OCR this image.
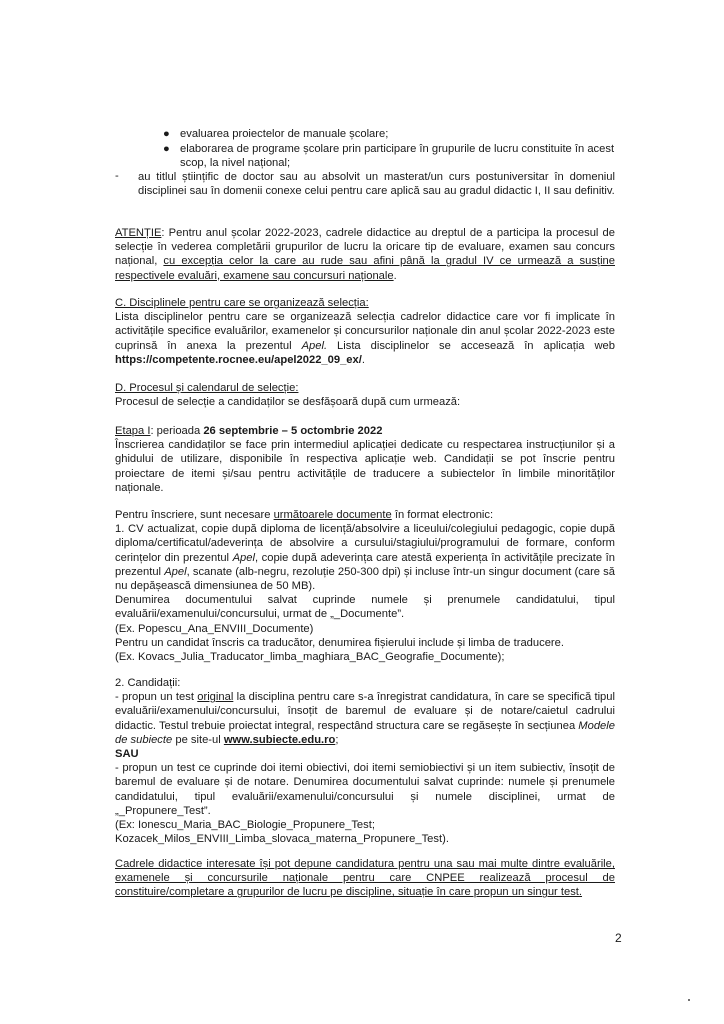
● evaluarea proiectelor de manuale școlare;
● elaborarea de programe școlare prin participare în grupurile de lucru constituite în acest scop, la nivel național;
- au titlul științific de doctor sau au absolvit un masterat/un curs postuniversitar în domeniul disciplinei sau în domenii conexe celui pentru care aplică sau au gradul didactic I, II sau definitiv.

ATENȚIE: Pentru anul școlar 2022-2023, cadrele didactice au dreptul de a participa la procesul de selecție în vederea completării grupurilor de lucru la oricare tip de evaluare, examen sau concurs național, cu excepția celor la care au rude sau afini până la gradul IV ce urmează a susține respectivele evaluări, examene sau concursuri naționale.

C. Disciplinele pentru care se organizează selecția:

Lista disciplinelor pentru care se organizează selecția cadrelor didactice care vor fi implicate în activitățile specifice evaluărilor, examenelor și concursurilor naționale din anul școlar 2022-2023 este cuprinsă în anexa la prezentul Apel. Lista disciplinelor se accesează în aplicația web https://competente.rocnee.eu/apel2022_09_ex/.

D. Procesul și calendarul de selecție:

Procesul de selecție a candidaților se desfășoară după cum urmează:

Etapa I: perioada 26 septembrie – 5 octombrie 2022

Înscrierea candidaților se face prin intermediul aplicației dedicate cu respectarea instrucțiunilor și a ghidului de utilizare, disponibile în respectiva aplicație web. Candidații se pot înscrie pentru proiectare de itemi și/sau pentru activitățile de traducere a subiectelor în limbile minorităților naționale.

Pentru înscriere, sunt necesare următoarele documente în format electronic:

1. CV actualizat, copie după diploma de licență/absolvire a liceului/colegiului pedagogic, copie după diploma/certificatul/adeverința de absolvire a cursului/stagiului/programului de formare, conform cerințelor din prezentul Apel, copie după adeverința care atestă experiența în activitățile precizate în prezentul Apel, scanate (alb-negru, rezoluție 250-300 dpi) și incluse într-un singur document (care să nu depășească dimensiunea de 50 MB).

Denumirea documentului salvat cuprinde numele și prenumele candidatului, tipul evaluării/examenului/concursului, urmat de „_Documente”.

(Ex. Popescu_Ana_ENVIII_Documente)

Pentru un candidat înscris ca traducător, denumirea fișierului include și limba de traducere.

(Ex. Kovacs_Julia_Traducator_limba_maghiara_BAC_Geografie_Documente);

2. Candidații:

- propun un test original la disciplina pentru care s-a înregistrat candidatura, în care se specifică tipul evaluării/examenului/concursului, însoțit de baremul de evaluare și de notare/caietul cadrului didactic. Testul trebuie proiectat integral, respectând structura care se regăsește în secțiunea Modele de subiecte pe site-ul www.subiecte.edu.ro;

SAU

- propun un test ce cuprinde doi itemi obiectivi, doi itemi semiobiectivi și un item subiectiv, însoțit de baremul de evaluare și de notare. Denumirea documentului salvat cuprinde: numele și prenumele candidatului, tipul evaluării/examenului/concursului și numele disciplinei, urmat de „_Propunere_Test”.

(Ex: Ionescu_Maria_BAC_Biologie_Propunere_Test;

Kozacek_Milos_ENVIII_Limba_slovaca_materna_Propunere_Test).

Cadrele didactice interesate își pot depune candidatura pentru una sau mai multe dintre evaluările, examenele și concursurile naționale pentru care CNPEE realizează procesul de constituire/completare a grupurilor de lucru pe discipline, situație în care propun un singur test.

2
